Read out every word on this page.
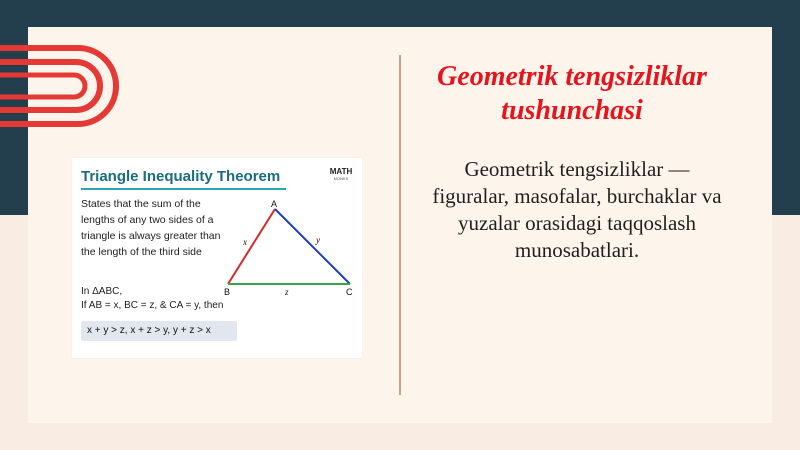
Geometrik tengsizliklar tushunchasi
Geometrik tengsizliklar — figuralar, masofalar, burchaklar va yuzalar orasidagi taqqoslash munosabatlari.
Triangle Inequality Theorem	MATH
MONKS
States that the sum of the lengths of any two sides of a triangle is always greater than the length of the third side
In ΔABC,
If AB = x, BC = z, & CA = y, then
x + y > z, x + z > y, y + z > x
A
B	C
x	y
z
